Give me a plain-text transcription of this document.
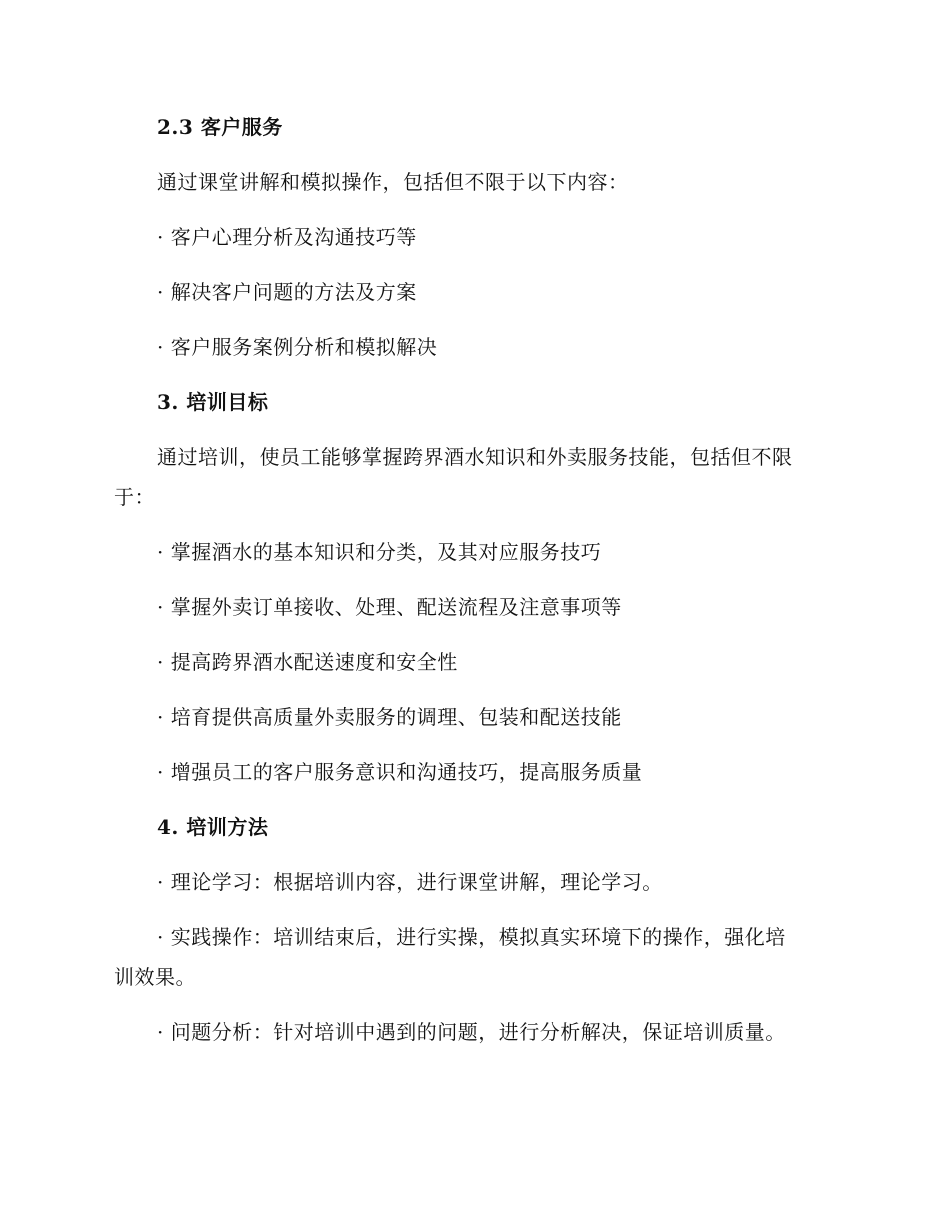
2.3 客户服务
通过课堂讲解和模拟操作，包括但不限于以下内容：
· 客户心理分析及沟通技巧等
· 解决客户问题的方法及方案
· 客户服务案例分析和模拟解决
3. 培训目标
通过培训，使员工能够掌握跨界酒水知识和外卖服务技能，包括但不限
于：
· 掌握酒水的基本知识和分类，及其对应服务技巧
· 掌握外卖订单接收、处理、配送流程及注意事项等
· 提高跨界酒水配送速度和安全性
· 培育提供高质量外卖服务的调理、包装和配送技能
· 增强员工的客户服务意识和沟通技巧，提高服务质量
4. 培训方法
· 理论学习：根据培训内容，进行课堂讲解，理论学习。
· 实践操作：培训结束后，进行实操，模拟真实环境下的操作，强化培
训效果。
· 问题分析：针对培训中遇到的问题，进行分析解决，保证培训质量。
